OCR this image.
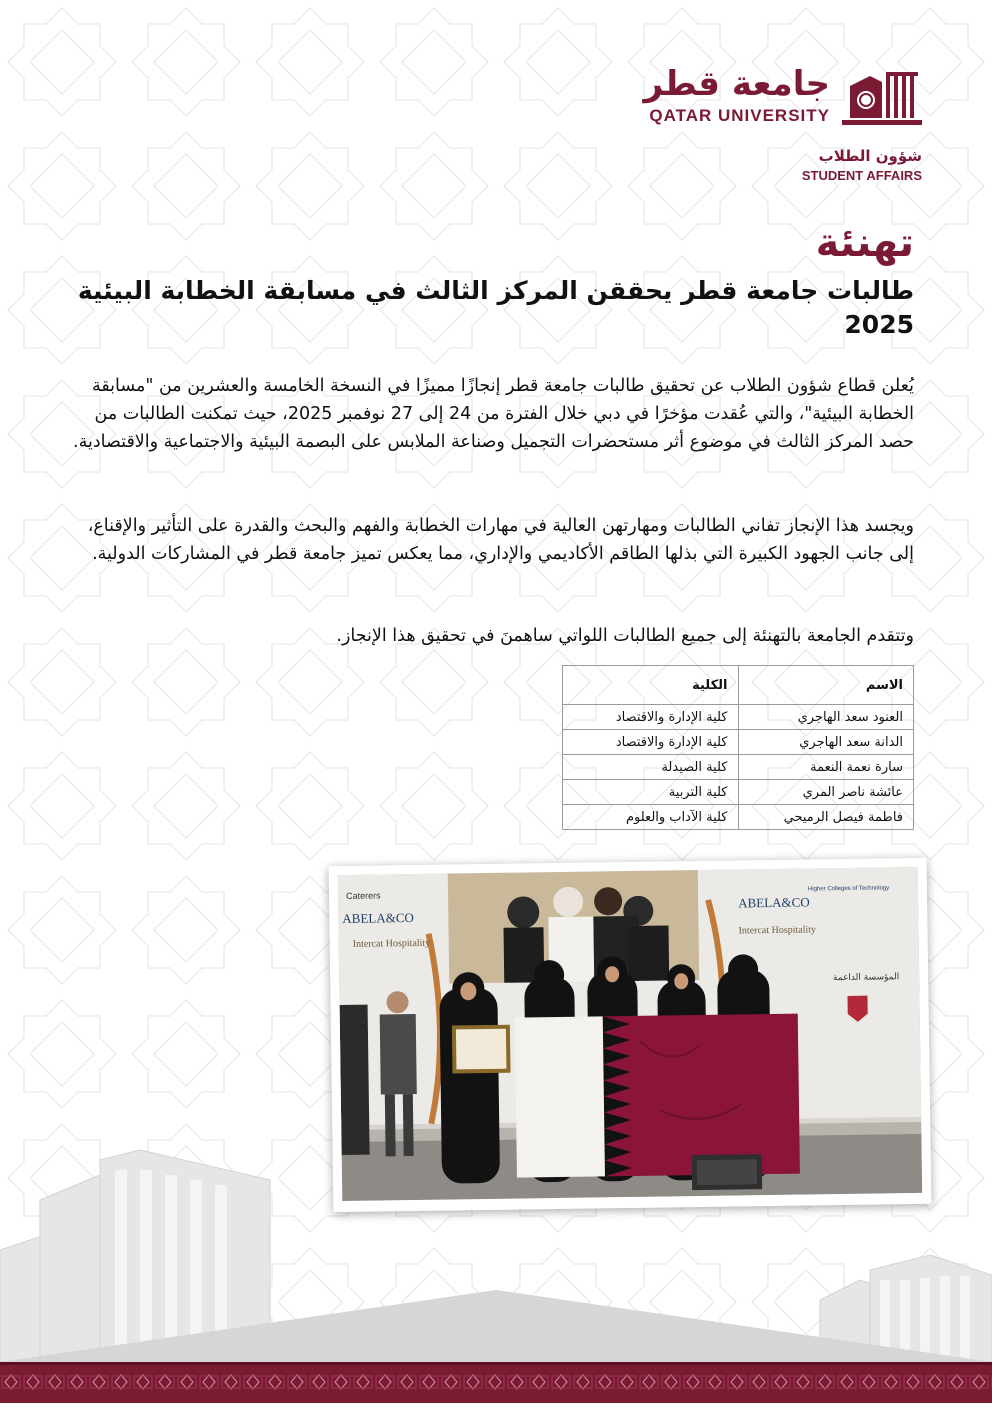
جامعة قطر
QATAR UNIVERSITY
شؤون الطلاب
STUDENT AFFAIRS
تهنئة
طالبات جامعة قطر يحققن المركز الثالث في مسابقة الخطابة البيئية 2025
يُعلن قطاع شؤون الطلاب عن تحقيق طالبات جامعة قطر إنجازًا مميزًا في النسخة الخامسة والعشرين من "مسابقة الخطابة البيئية"، والتي عُقدت مؤخرًا في دبي خلال الفترة من 24 إلى 27 نوفمبر 2025، حيث تمكنت الطالبات من حصد المركز الثالث في موضوع أثر مستحضرات التجميل وصناعة الملابس على البصمة البيئية والاجتماعية والاقتصادية.
ويجسد هذا الإنجاز تفاني الطالبات ومهارتهن العالية في مهارات الخطابة والفهم والبحث والقدرة على التأثير والإقناع، إلى جانب الجهود الكبيرة التي بذلها الطاقم الأكاديمي والإداري، مما يعكس تميز جامعة قطر في المشاركات الدولية.
وتتقدم الجامعة بالتهنئة إلى جميع الطالبات اللواتي ساهمنَ في تحقيق هذا الإنجاز.
الاسم	الكلية
العنود سعد الهاجري	كلية الإدارة والاقتصاد
الدانة سعد الهاجري	كلية الإدارة والاقتصاد
سارة نعمة النعمة	كلية الصيدلة
عائشة ناصر المري	كلية التربية
فاطمة فيصل الرميحي	كلية الآداب والعلوم
Caterers
ABELA&CO
Intercat Hospitality
ABELA&CO
Intercat Hospitality
Higher Colleges of Technology
المؤسسة الداعمة
